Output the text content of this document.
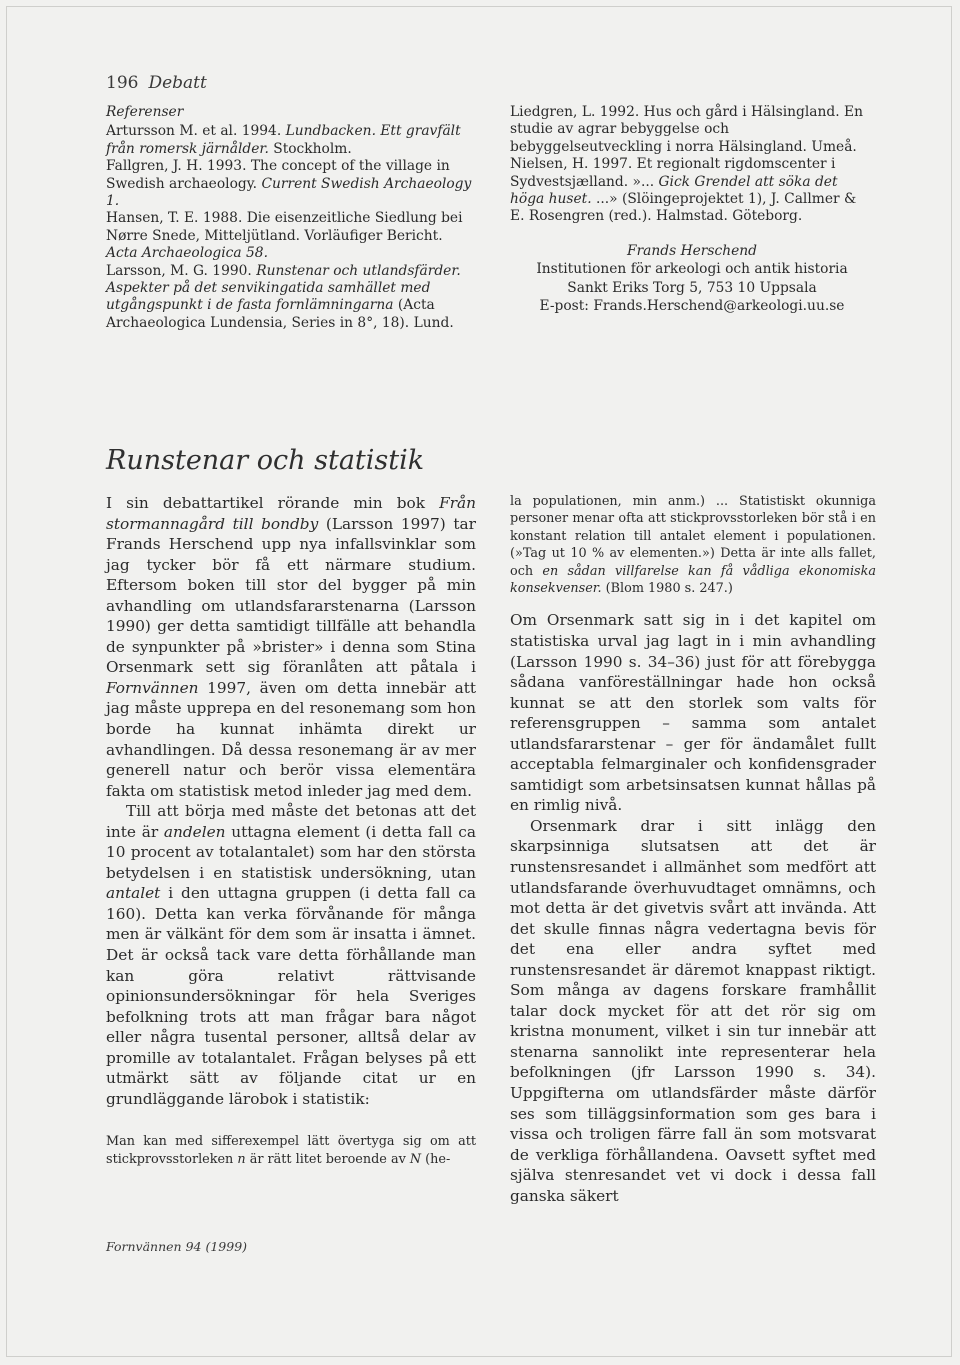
196 Debatt
Referenser

Artursson M. et al. 1994. Lundbacken. Ett gravfält från romersk järnålder. Stockholm.

Fallgren, J. H. 1993. The concept of the village in Swedish archaeology. Current Swedish Archaeology 1.

Hansen, T. E. 1988. Die eisenzeitliche Siedlung bei Nørre Snede, Mitteljütland. Vorläufiger Bericht. Acta Archaeologica 58.

Larsson, M. G. 1990. Runstenar och utlandsfärder. Aspekter på det senvikingatida samhället med utgångspunkt i de fasta fornlämningarna (Acta Archaeologica Lundensia, Series in 8°, 18). Lund.

Liedgren, L. 1992. Hus och gård i Hälsingland. En studie av agrar bebyggelse och bebyggelseutveckling i norra Hälsingland. Umeå.

Nielsen, H. 1997. Et regionalt rigdomscenter i Sydvestsjælland. »... Gick Grendel att söka det höga huset. ...» (Slöingeprojektet 1), J. Callmer & E. Rosengren (red.). Halmstad. Göteborg.

Frands Herschend
Institutionen för arkeologi och antik historia
Sankt Eriks Torg 5, 753 10 Uppsala
E-post: Frands.Herschend@arkeologi.uu.se
Runstenar och statistik

I sin debattartikel rörande min bok Från stormannagård till bondby (Larsson 1997) tar Frands Herschend upp nya infallsvinklar som jag tycker bör få ett närmare studium. Eftersom boken till stor del bygger på min avhandling om utlandsfararstenarna (Larsson 1990) ger detta samtidigt tillfälle att behandla de synpunkter på »brister» i denna som Stina Orsenmark sett sig föranlåten att påtala i Fornvännen 1997, även om detta innebär att jag måste upprepa en del resonemang som hon borde ha kunnat inhämta direkt ur avhandlingen. Då dessa resonemang är av mer generell natur och berör vissa elementära fakta om statistisk metod inleder jag med dem.

Till att börja med måste det betonas att det inte är andelen uttagna element (i detta fall ca 10 procent av totalantalet) som har den största betydelsen i en statistisk undersökning, utan antalet i den uttagna gruppen (i detta fall ca 160). Detta kan verka förvånande för många men är välkänt för dem som är insatta i ämnet. Det är också tack vare detta förhållande man kan göra relativt rättvisande opinionsundersökningar för hela Sveriges befolkning trots att man frågar bara något eller några tusental personer, alltså delar av promille av totalantalet. Frågan belyses på ett utmärkt sätt av följande citat ur en grundläggande lärobok i statistik:

Man kan med sifferexempel lätt övertyga sig om att stickprovsstorleken n är rätt litet beroende av N (he-

la populationen, min anm.) ... Statistiskt okunniga personer menar ofta att stickprovsstorleken bör stå i en konstant relation till antalet element i populationen. (»Tag ut 10 % av elementen.») Detta är inte alls fallet, och en sådan villfarelse kan få vådliga ekonomiska konsekvenser. (Blom 1980 s. 247.)

Om Orsenmark satt sig in i det kapitel om statistiska urval jag lagt in i min avhandling (Larsson 1990 s. 34–36) just för att förebygga sådana vanföreställningar hade hon också kunnat se att den storlek som valts för referensgruppen – samma som antalet utlandsfararstenar – ger för ändamålet fullt acceptabla felmarginaler och konfidensgrader samtidigt som arbetsinsatsen kunnat hållas på en rimlig nivå.

Orsenmark drar i sitt inlägg den skarpsinniga slutsatsen att det är runstensresandet i allmänhet som medfört att utlandsfarande överhuvudtaget omnämns, och mot detta är det givetvis svårt att invända. Att det skulle finnas några vedertagna bevis för det ena eller andra syftet med runstensresandet är däremot knappast riktigt. Som många av dagens forskare framhållit talar dock mycket för att det rör sig om kristna monument, vilket i sin tur innebär att stenarna sannolikt inte representerar hela befolkningen (jfr Larsson 1990 s. 34). Uppgifterna om utlandsfärder måste därför ses som tilläggsinformation som ges bara i vissa och troligen färre fall än som motsvarat de verkliga förhållandena. Oavsett syftet med själva stenresandet vet vi dock i dessa fall ganska säkert

Fornvännen 94 (1999)
